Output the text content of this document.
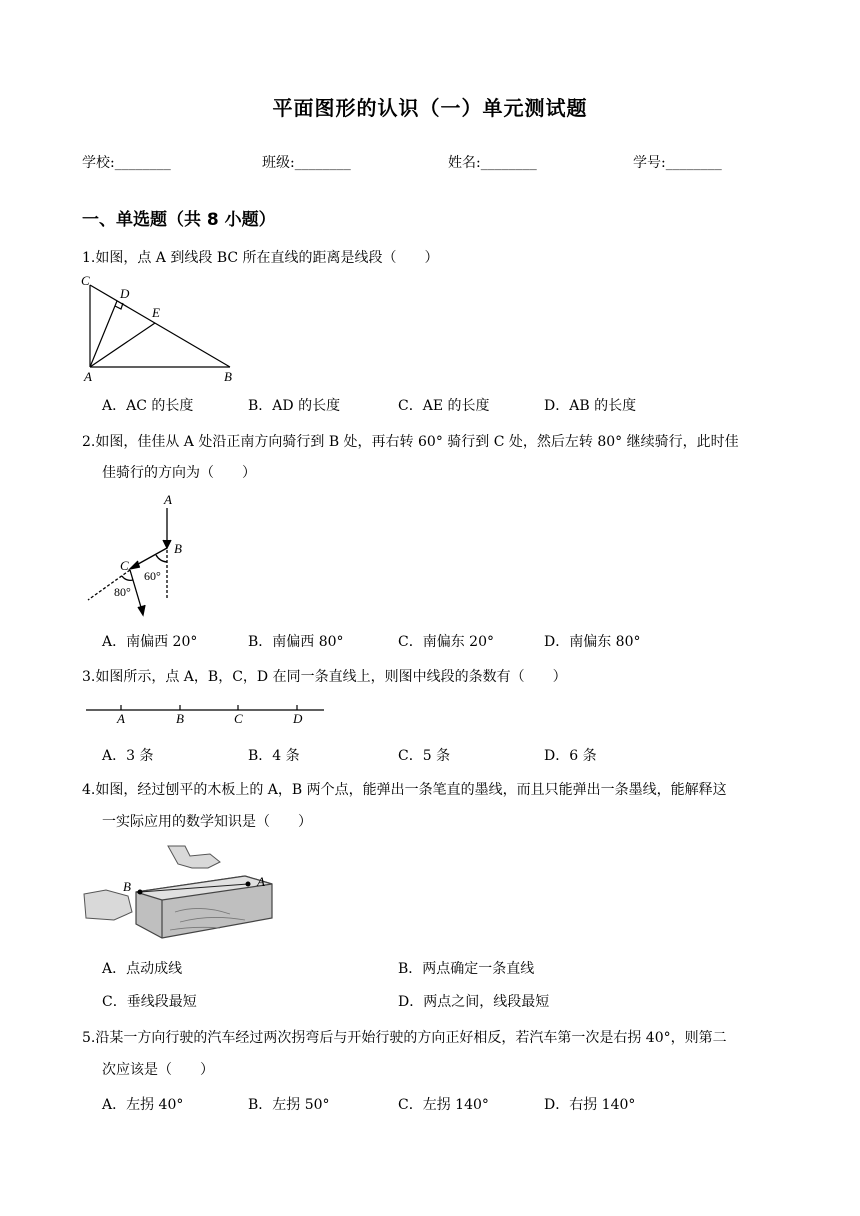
平面图形的认识（一）单元测试题
学校:________	班级:________	姓名:________	学号:________
一、单选题（共 8 小题）
1.如图，点 A 到线段 BC 所在直线的距离是线段（　　）
C
D
E
A	B
A．AC 的长度	B．AD 的长度	C．AE 的长度	D．AB 的长度
2.如图，佳佳从 A 处沿正南方向骑行到 B 处，再右转 60° 骑行到 C 处，然后左转 80° 继续骑行，此时佳
佳骑行的方向为（　　）
A
B
C
60°
80°
A．南偏西 20°	B．南偏西 80°	C．南偏东 20°	D．南偏东 80°
3.如图所示，点 A，B，C，D 在同一条直线上，则图中线段的条数有（　　）
A	B	C	D
A．3 条	B．4 条	C．5 条	D．6 条
4.如图，经过刨平的木板上的 A，B 两个点，能弹出一条笔直的墨线，而且只能弹出一条墨线，能解释这
一实际应用的数学知识是（　　）
B	A
A．点动成线	B．两点确定一条直线
C．垂线段最短	D．两点之间，线段最短
5.沿某一方向行驶的汽车经过两次拐弯后与开始行驶的方向正好相反，若汽车第一次是右拐 40°，则第二
次应该是（　　）
A．左拐 40°	B．左拐 50°	C．左拐 140°	D．右拐 140°
